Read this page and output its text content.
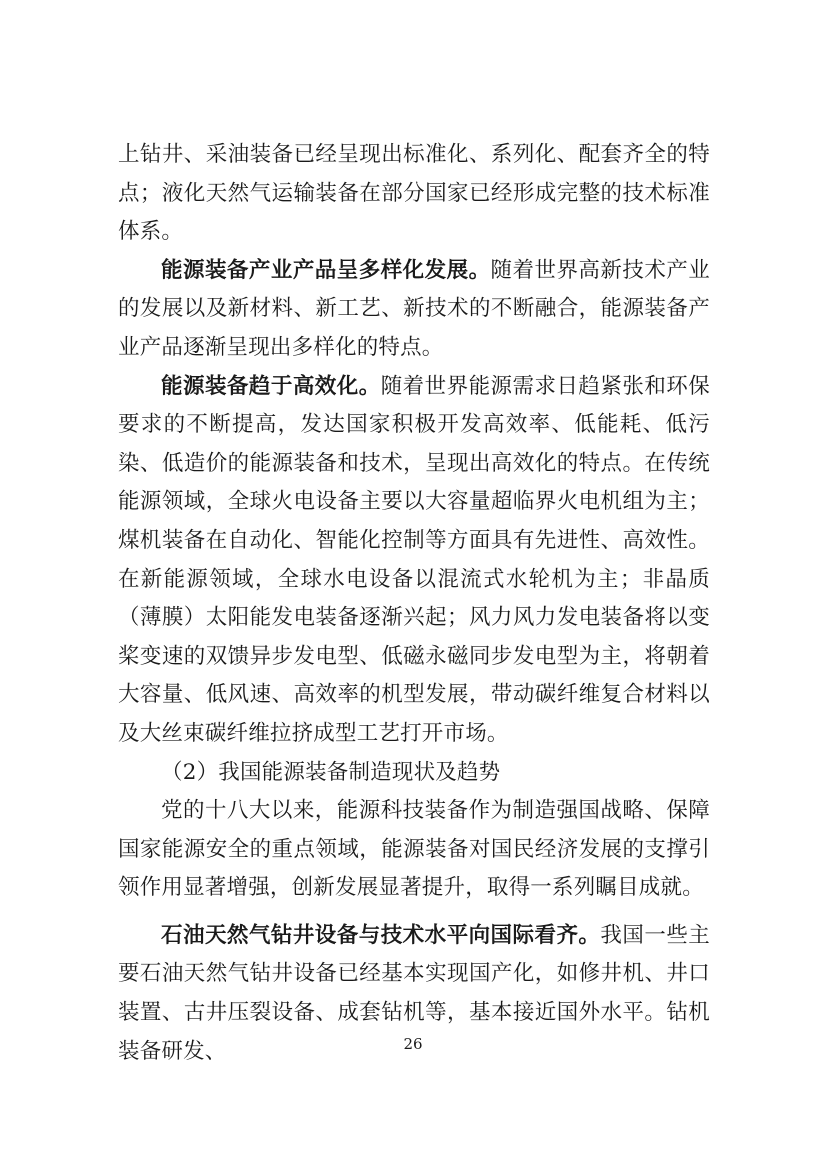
上钻井、采油装备已经呈现出标准化、系列化、配套齐全的特点；液化天然气运输装备在部分国家已经形成完整的技术标准体系。

能源装备产业产品呈多样化发展。随着世界高新技术产业的发展以及新材料、新工艺、新技术的不断融合，能源装备产业产品逐渐呈现出多样化的特点。

能源装备趋于高效化。随着世界能源需求日趋紧张和环保要求的不断提高，发达国家积极开发高效率、低能耗、低污染、低造价的能源装备和技术，呈现出高效化的特点。在传统能源领域，全球火电设备主要以大容量超临界火电机组为主；煤机装备在自动化、智能化控制等方面具有先进性、高效性。在新能源领域，全球水电设备以混流式水轮机为主；非晶质（薄膜）太阳能发电装备逐渐兴起；风力风力发电装备将以变桨变速的双馈异步发电型、低磁永磁同步发电型为主，将朝着大容量、低风速、高效率的机型发展，带动碳纤维复合材料以及大丝束碳纤维拉挤成型工艺打开市场。

（2）我国能源装备制造现状及趋势

党的十八大以来，能源科技装备作为制造强国战略、保障国家能源安全的重点领域，能源装备对国民经济发展的支撑引领作用显著增强，创新发展显著提升，取得一系列瞩目成就。

石油天然气钻井设备与技术水平向国际看齐。我国一些主要石油天然气钻井设备已经基本实现国产化，如修井机、井口装置、古井压裂设备、成套钻机等，基本接近国外水平。钻机装备研发、	26
